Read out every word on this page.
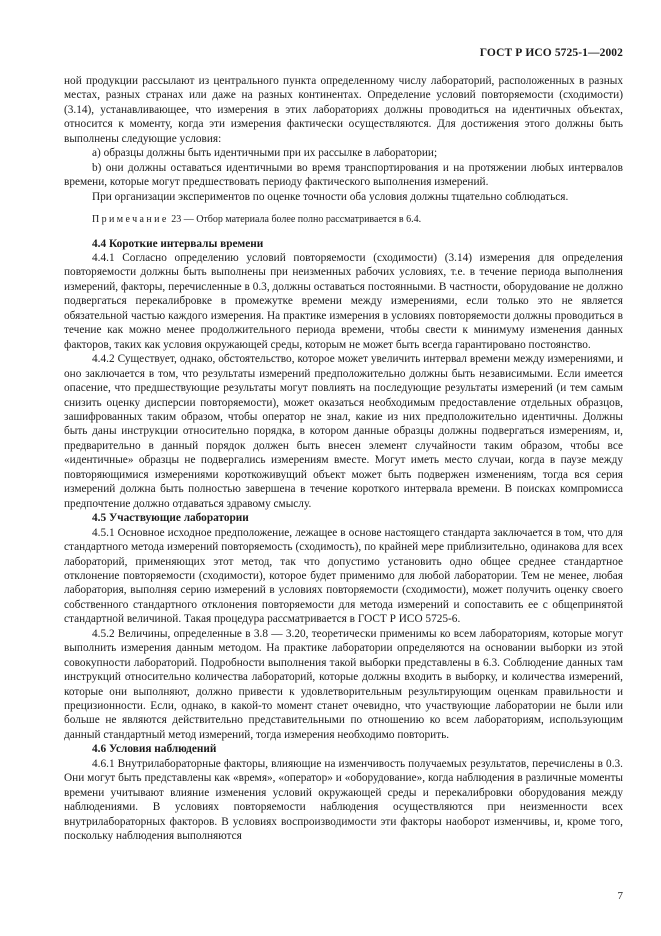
ГОСТ Р ИСО 5725-1—2002

ной продукции рассылают из центрального пункта определенному числу лабораторий, расположенных в разных местах, разных странах или даже на разных континентах. Определение условий повторяемости (сходимости) (3.14), устанавливающее, что измерения в этих лабораториях должны проводиться на идентичных объектах, относится к моменту, когда эти измерения фактически осуществляются. Для достижения этого должны быть выполнены следующие условия:

a) образцы должны быть идентичными при их рассылке в лаборатории;

b) они должны оставаться идентичными во время транспортирования и на протяжении любых интервалов времени, которые могут предшествовать периоду фактического выполнения измерений.

При организации экспериментов по оценке точности оба условия должны тщательно соблюдаться.

Примечание 23 — Отбор материала более полно рассматривается в 6.4.

4.4 Короткие интервалы времени

4.4.1 Согласно определению условий повторяемости (сходимости) (3.14) измерения для определения повторяемости должны быть выполнены при неизменных рабочих условиях, т.е. в течение периода выполнения измерений, факторы, перечисленные в 0.3, должны оставаться постоянными. В частности, оборудование не должно подвергаться перекалибровке в промежутке времени между измерениями, если только это не является обязательной частью каждого измерения. На практике измерения в условиях повторяемости должны проводиться в течение как можно менее продолжительного периода времени, чтобы свести к минимуму изменения данных факторов, таких как условия окружающей среды, которым не может быть всегда гарантировано постоянство.

4.4.2 Существует, однако, обстоятельство, которое может увеличить интервал времени между измерениями, и оно заключается в том, что результаты измерений предположительно должны быть независимыми. Если имеется опасение, что предшествующие результаты могут повлиять на последующие результаты измерений (и тем самым снизить оценку дисперсии повторяемости), может оказаться необходимым предоставление отдельных образцов, зашифрованных таким образом, чтобы оператор не знал, какие из них предположительно идентичны. Должны быть даны инструкции относительно порядка, в котором данные образцы должны подвергаться измерениям, и, предварительно в данный порядок должен быть внесен элемент случайности таким образом, чтобы все «идентичные» образцы не подвергались измерениям вместе. Могут иметь место случаи, когда в паузе между повторяющимися измерениями короткоживущий объект может быть подвержен изменениям, тогда вся серия измерений должна быть полностью завершена в течение короткого интервала времени. В поисках компромисса предпочтение должно отдаваться здравому смыслу.

4.5 Участвующие лаборатории

4.5.1 Основное исходное предположение, лежащее в основе настоящего стандарта заключается в том, что для стандартного метода измерений повторяемость (сходимость), по крайней мере приблизительно, одинакова для всех лабораторий, применяющих этот метод, так что допустимо установить одно общее среднее стандартное отклонение повторяемости (сходимости), которое будет применимо для любой лаборатории. Тем не менее, любая лаборатория, выполняя серию измерений в условиях повторяемости (сходимости), может получить оценку своего собственного стандартного отклонения повторяемости для метода измерений и сопоставить ее с общепринятой стандартной величиной. Такая процедура рассматривается в ГОСТ Р ИСО 5725-6.

4.5.2 Величины, определенные в 3.8 — 3.20, теоретически применимы ко всем лабораториям, которые могут выполнить измерения данным методом. На практике лаборатории определяются на основании выборки из этой совокупности лабораторий. Подробности выполнения такой выборки представлены в 6.3. Соблюдение данных там инструкций относительно количества лабораторий, которые должны входить в выборку, и количества измерений, которые они выполняют, должно привести к удовлетворительным результирующим оценкам правильности и прецизионности. Если, однако, в какой-то момент станет очевидно, что участвующие лаборатории не были или больше не являются действительно представительными по отношению ко всем лабораториям, использующим данный стандартный метод измерений, тогда измерения необходимо повторить.

4.6 Условия наблюдений

4.6.1 Внутрилабораторные факторы, влияющие на изменчивость получаемых результатов, перечислены в 0.3. Они могут быть представлены как «время», «оператор» и «оборудование», когда наблюдения в различные моменты времени учитывают влияние изменения условий окружающей среды и перекалибровки оборудования между наблюдениями. В условиях повторяемости наблюдения осуществляются при неизменности всех внутрилабораторных факторов. В условиях воспроизводимости эти факторы наоборот изменчивы, и, кроме того, поскольку наблюдения выполняются

7
